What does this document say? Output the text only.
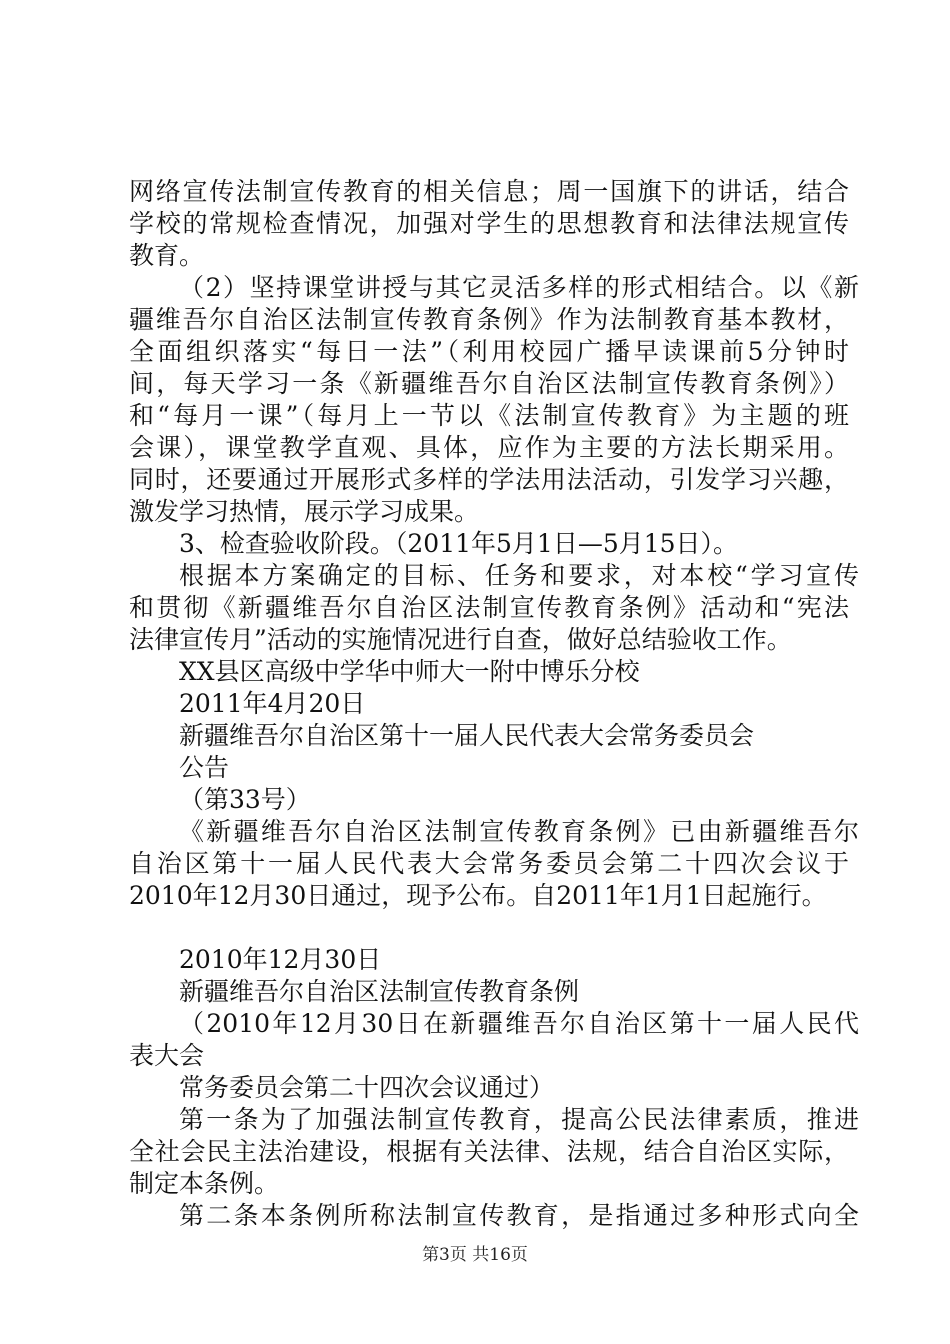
网络宣传法制宣传教育的相关信息；周一国旗下的讲话，结合
学校的常规检查情况，加强对学生的思想教育和法律法规宣传
教育。
（2）坚持课堂讲授与其它灵活多样的形式相结合。以《新
疆维吾尔自治区法制宣传教育条例》作为法制教育基本教材，
全面组织落实“每日一法”（利用校园广播早读课前5分钟时
间，每天学习一条《新疆维吾尔自治区法制宣传教育条例》）
和“每月一课”（每月上一节以《法制宣传教育》为主题的班
会课），课堂教学直观、具体，应作为主要的方法长期采用。
同时，还要通过开展形式多样的学法用法活动，引发学习兴趣，
激发学习热情，展示学习成果。
3、检查验收阶段。（2011年5月1日—5月15日）。
根据本方案确定的目标、任务和要求，对本校“学习宣传
和贯彻《新疆维吾尔自治区法制宣传教育条例》活动和“宪法
法律宣传月”活动的实施情况进行自查，做好总结验收工作。
XX县区高级中学华中师大一附中博乐分校
2011年4月20日
新疆维吾尔自治区第十一届人民代表大会常务委员会
公告
（第33号）
《新疆维吾尔自治区法制宣传教育条例》已由新疆维吾尔
自治区第十一届人民代表大会常务委员会第二十四次会议于
2010年12月30日通过，现予公布。自2011年1月1日起施行。
2010年12月30日
新疆维吾尔自治区法制宣传教育条例
（2010年12月30日在新疆维吾尔自治区第十一届人民代
表大会
常务委员会第二十四次会议通过）
第一条为了加强法制宣传教育，提高公民法律素质，推进
全社会民主法治建设，根据有关法律、法规，结合自治区实际，
制定本条例。
第二条本条例所称法制宣传教育，是指通过多种形式向全
第3页 共16页
